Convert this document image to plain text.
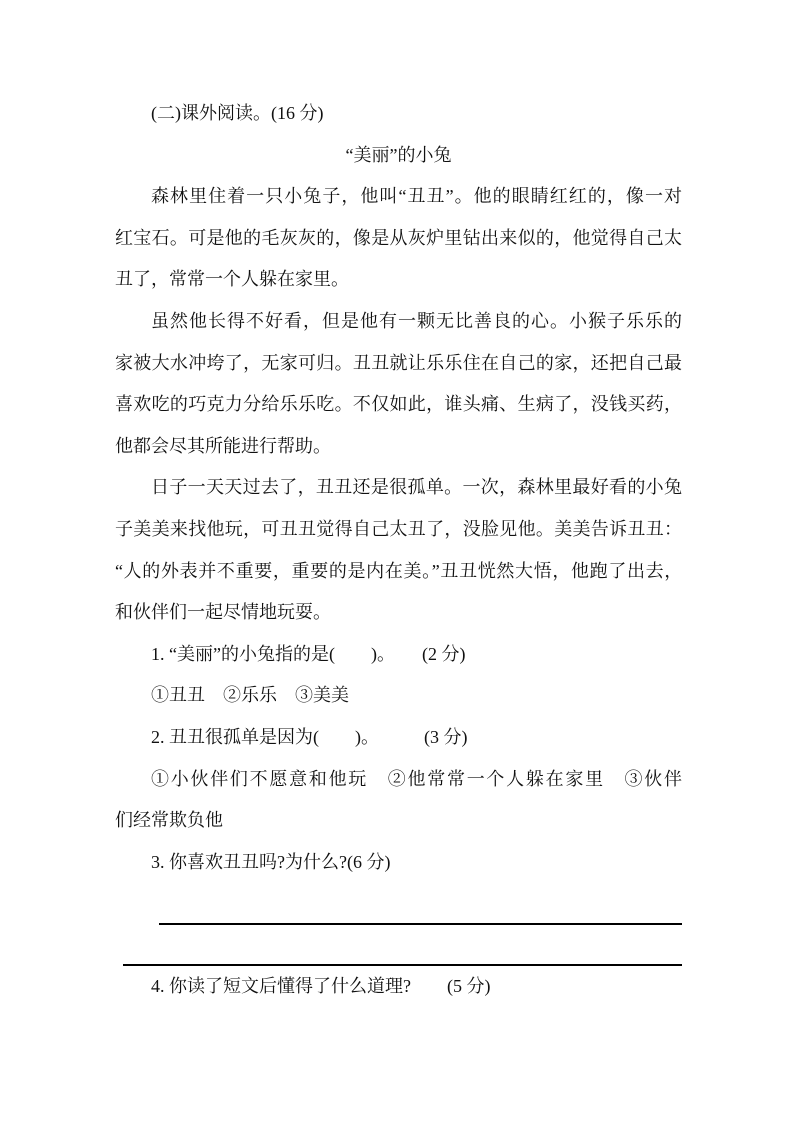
(二)课外阅读。(16 分)
“美丽”的小兔
森林里住着一只小兔子，他叫“丑丑”。他的眼睛红红的，像一对
红宝石。可是他的毛灰灰的，像是从灰炉里钻出来似的，他觉得自己太
丑了，常常一个人躲在家里。
虽然他长得不好看，但是他有一颗无比善良的心。小猴子乐乐的
家被大水冲垮了，无家可归。丑丑就让乐乐住在自己的家，还把自己最
喜欢吃的巧克力分给乐乐吃。不仅如此，谁头痛、生病了，没钱买药，
他都会尽其所能进行帮助。
日子一天天过去了，丑丑还是很孤单。一次，森林里最好看的小兔
子美美来找他玩，可丑丑觉得自己太丑了，没脸见他。美美告诉丑丑：
“人的外表并不重要，重要的是内在美。”丑丑恍然大悟，他跑了出去，
和伙伴们一起尽情地玩耍。
1. “美丽”的小兔指的是(　　)。　　(2 分)
①丑丑　②乐乐　③美美
2. 丑丑很孤单是因为(　　)。　　　(3 分)
①小伙伴们不愿意和他玩　②他常常一个人躲在家里　③伙伴
们经常欺负他
3. 你喜欢丑丑吗?为什么?(6 分)
4. 你读了短文后懂得了什么道理?　　(5 分)
